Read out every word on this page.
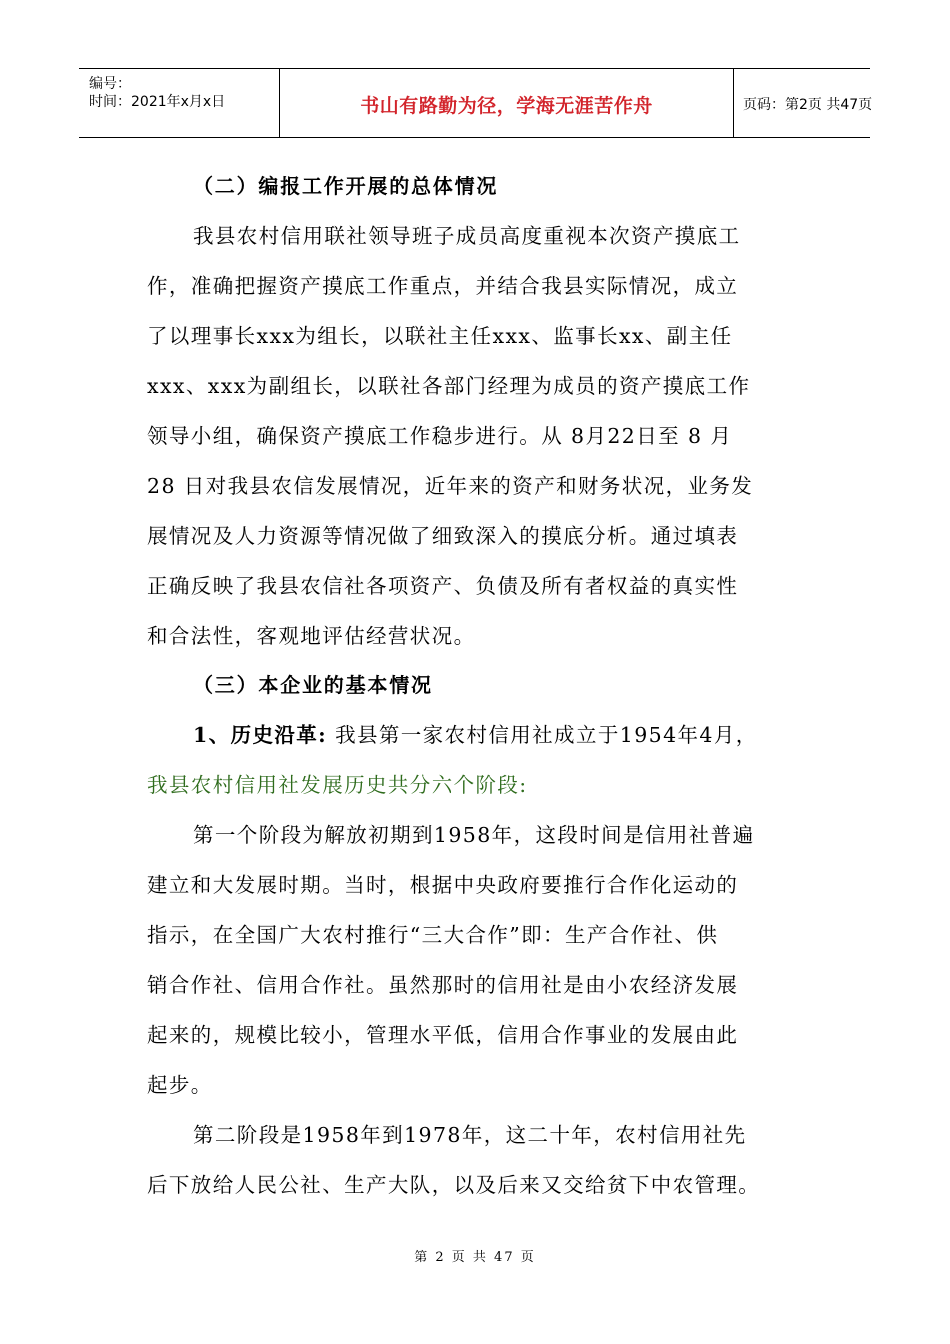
编号：
时间：2021年x月x日	书山有路勤为径，学海无涯苦作舟	页码：第2页 共47页
（二）编报工作开展的总体情况
我县农村信用联社领导班子成员高度重视本次资产摸底工
作，准确把握资产摸底工作重点，并结合我县实际情况，成立
了以理事长xxx为组长，以联社主任xxx、监事长xx、副主任
xxx、xxx为副组长，以联社各部门经理为成员的资产摸底工作
领导小组，确保资产摸底工作稳步进行。从 8月22日至 8 月
28 日对我县农信发展情况，近年来的资产和财务状况，业务发
展情况及人力资源等情况做了细致深入的摸底分析。通过填表
正确反映了我县农信社各项资产、负债及所有者权益的真实性
和合法性，客观地评估经营状况。
（三）本企业的基本情况
1、历史沿革: 我县第一家农村信用社成立于1954年4月，
我县农村信用社发展历史共分六个阶段:
第一个阶段为解放初期到1958年，这段时间是信用社普遍
建立和大发展时期。当时，根据中央政府要推行合作化运动的
指示，在全国广大农村推行“三大合作”即：生产合作社、供
销合作社、信用合作社。虽然那时的信用社是由小农经济发展
起来的，规模比较小，管理水平低，信用合作事业的发展由此
起步。
第二阶段是1958年到1978年，这二十年，农村信用社先
后下放给人民公社、生产大队，以及后来又交给贫下中农管理。
第 2 页 共 47 页
